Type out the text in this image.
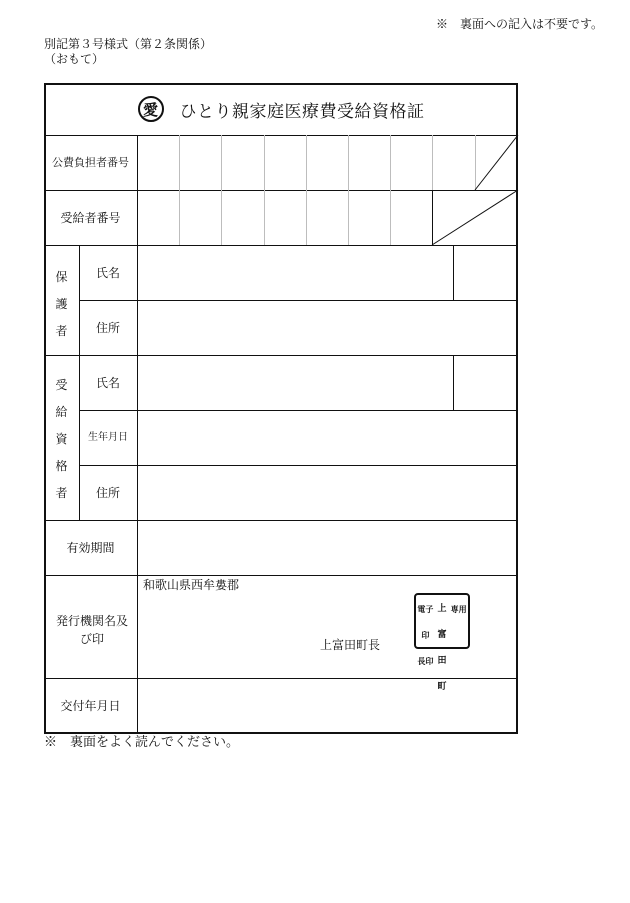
※　裏面への記入は不要です。
別記第３号様式（第２条関係）
（おもて）
愛	ひとり親家庭医療費受給資格証
公費負担者番号
受給者番号
保
護
者
氏名
住所
受
給
資
格
者
氏名
生年月日
住所
有効期間
発行機関名及び印
交付年月日
和歌山県西牟婁郡
上富田町長
電子印
上富
専用
長印 田町
※　裏面をよく読んでください。
